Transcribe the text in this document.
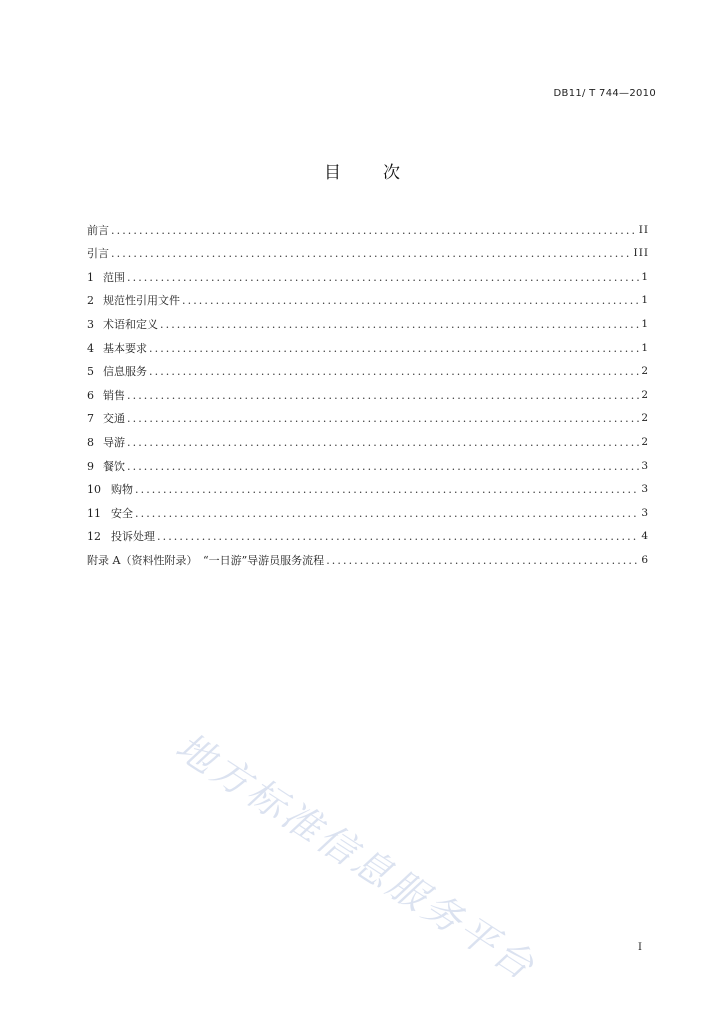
DB11/ T 744—2010
目 次
前言 .....	II
引言 .....	III
1 范围 .....	1
2 规范性引用文件 .....	1
3 术语和定义 .....	1
4 基本要求 .....	1
5 信息服务 .....	2
6 销售 .....	2
7 交通 .....	2
8 导游 .....	2
9 餐饮 .....	3
10 购物 .....	3
11 安全 .....	3
12 投诉处理 .....	4
附录 A（资料性附录）　“一日游”导游员服务流程 .....	6
地方标准信息服务平台	I
